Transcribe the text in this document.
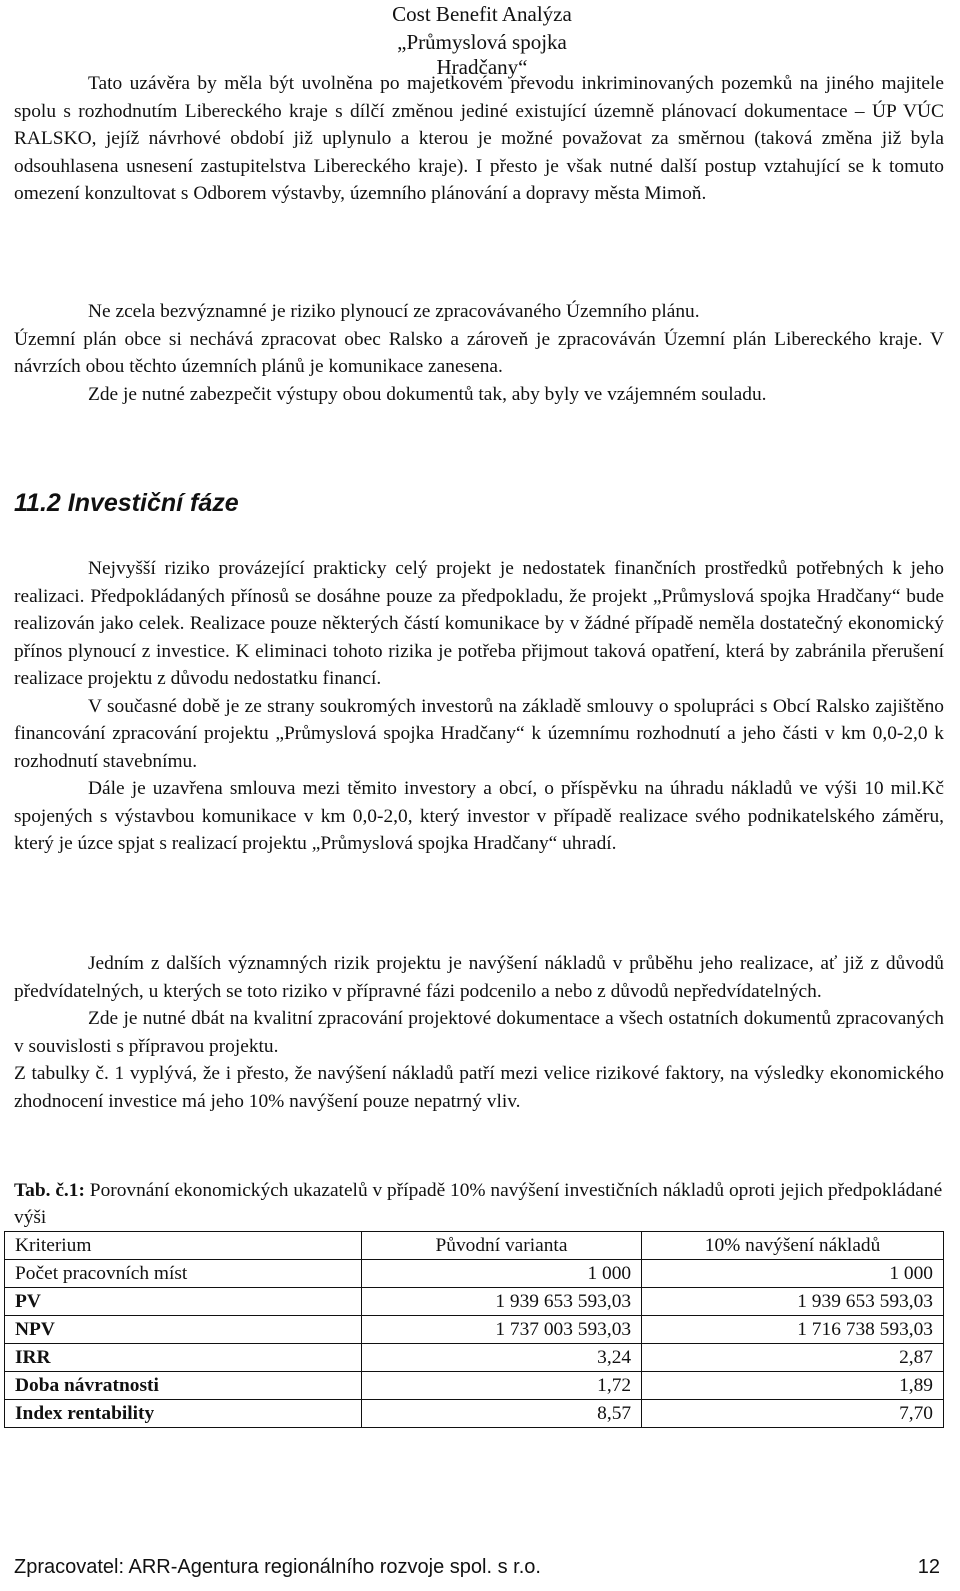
Cost Benefit Analýza
„Průmyslová spojka Hradčany“

Tato uzávěra by měla být uvolněna po majetkovém převodu inkriminovaných pozemků na jiného majitele spolu s rozhodnutím Libereckého kraje s dílčí změnou jediné existující územně plánovací dokumentace – ÚP VÚC RALSKO, jejíž návrhové období již uplynulo a kterou je možné považovat za směrnou (taková změna již byla odsouhlasena usnesení zastupitelstva Libereckého kraje). I přesto je však nutné další postup vztahující se k tomuto omezení konzultovat s Odborem výstavby, územního plánování a dopravy města Mimoň.

Ne zcela bezvýznamné je riziko plynoucí ze zpracovávaného Územního plánu.

Územní plán obce si nechává zpracovat obec Ralsko a zároveň je zpracováván Územní plán Libereckého kraje. V návrzích obou těchto územních plánů je komunikace zanesena.

Zde je nutné zabezpečit výstupy obou dokumentů tak, aby byly ve vzájemném souladu.

11.2 Investiční fáze

Nejvyšší riziko provázející prakticky celý projekt je nedostatek finančních prostředků potřebných k jeho realizaci. Předpokládaných přínosů se dosáhne pouze za předpokladu, že projekt „Průmyslová spojka Hradčany“ bude realizován jako celek. Realizace pouze některých částí komunikace by v žádné případě neměla dostatečný ekonomický přínos plynoucí z investice. K eliminaci tohoto rizika je potřeba přijmout taková opatření, která by zabránila přerušení realizace projektu z důvodu nedostatku financí.

V současné době je ze strany soukromých investorů na základě smlouvy o spolupráci s Obcí Ralsko zajištěno financování zpracování projektu „Průmyslová spojka Hradčany“ k územnímu rozhodnutí a jeho části v km 0,0-2,0 k rozhodnutí stavebnímu.

Dále je uzavřena smlouva mezi těmito investory a obcí, o příspěvku na úhradu nákladů ve výši 10 mil.Kč spojených s výstavbou komunikace v km 0,0-2,0, který investor v případě realizace svého podnikatelského záměru, který je úzce spjat s realizací projektu „Průmyslová spojka Hradčany“ uhradí.

Jedním z dalších významných rizik projektu je navýšení nákladů v průběhu jeho realizace, ať již z důvodů předvídatelných, u kterých se toto riziko v přípravné fázi podcenilo a nebo z důvodů nepředvídatelných.

Zde je nutné dbát na kvalitní zpracování projektové dokumentace a všech ostatních dokumentů zpracovaných v souvislosti s přípravou projektu.

Z tabulky č. 1 vyplývá, že i přesto, že navýšení nákladů patří mezi velice rizikové faktory, na výsledky ekonomického zhodnocení investice má jeho 10% navýšení pouze nepatrný vliv.

Tab. č.1: Porovnání ekonomických ukazatelů v případě 10% navýšení investičních nákladů oproti jejich předpokládané výši
Kriterium	Původní varianta	10% navýšení nákladů
Počet pracovních míst	1 000	1 000
PV	1 939 653 593,03	1 939 653 593,03
NPV	1 737 003 593,03	1 716 738 593,03
IRR	3,24	2,87
Doba návratnosti	1,72	1,89
Index rentability	8,57	7,70
Zpracovatel: ARR-Agentura regionálního rozvoje spol. s r.o.	12
